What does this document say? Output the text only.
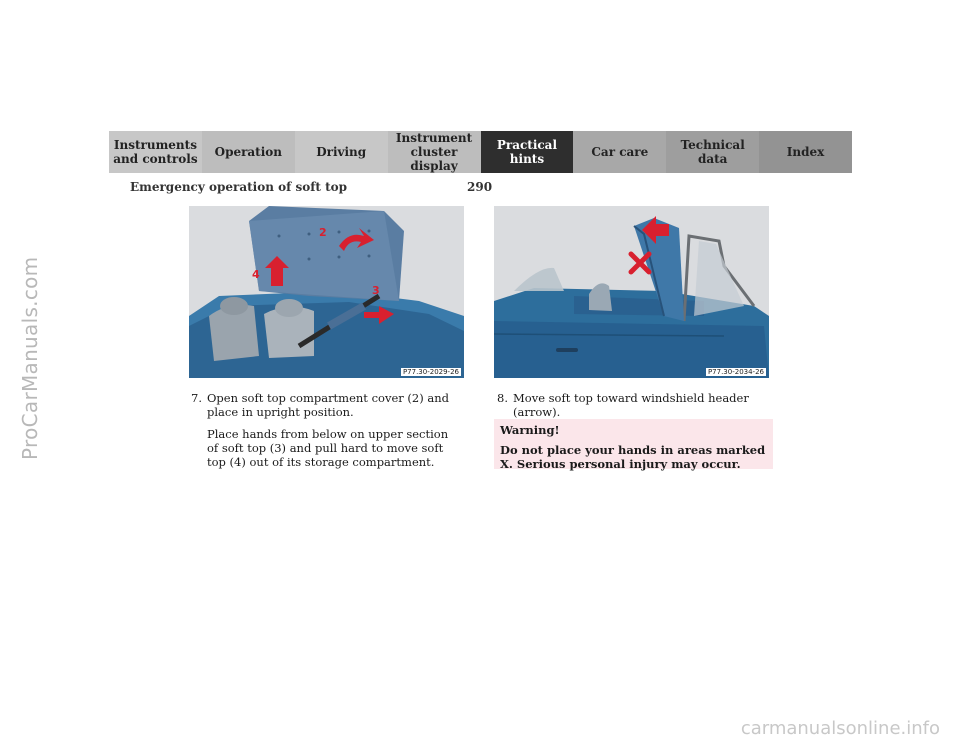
ProCarManuals.com
carmanualsonline.info
Instruments
and controls Operation	Driving
Instrument
cluster display
Practical hints	Car care	Technical
data	Index
Emergency operation of soft top	290
2
3
4
P77.30-2029-26	P77.30-2034-26
7. Open soft top compartment cover (2) and place in upright position.

Place hands from below on upper section of soft top (3) and pull hard to move soft top (4) out of its storage compartment.

8. Move soft top toward windshield header (arrow).
Warning!
Do not place your hands in areas marked X. Serious personal injury may occur.
